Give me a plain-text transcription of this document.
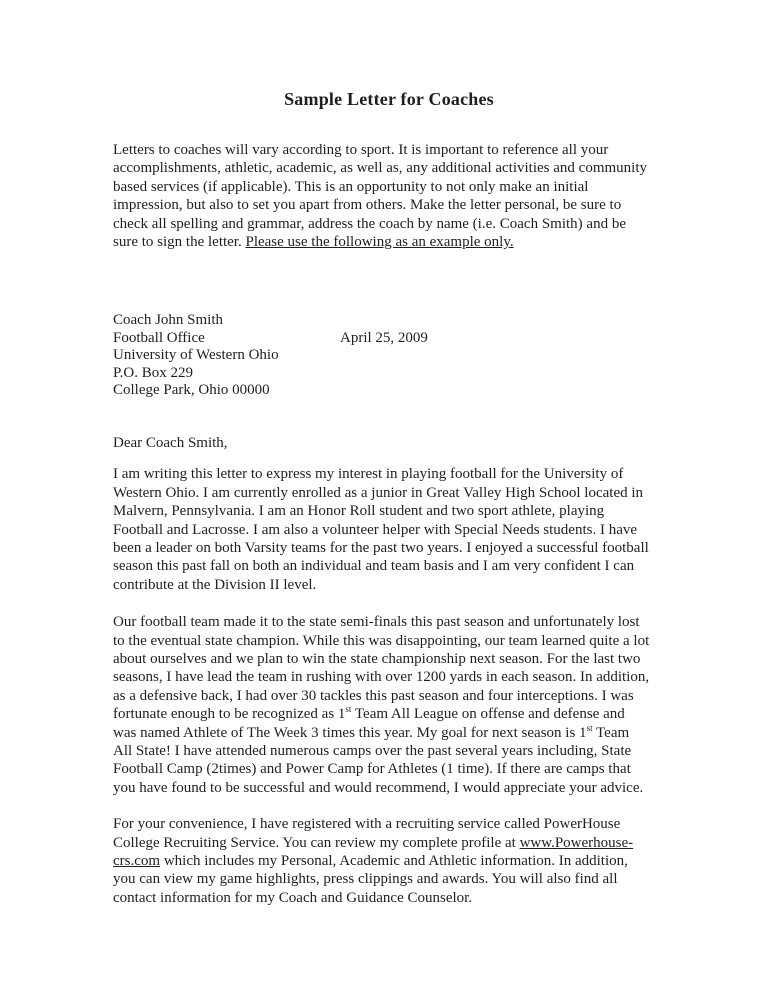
Sample Letter for Coaches
Letters to coaches will vary according to sport. It is important to reference all your
accomplishments, athletic, academic, as well as, any additional activities and community
based services (if applicable). This is an opportunity to not only make an initial
impression, but also to set you apart from others. Make the letter personal, be sure to
check all spelling and grammar, address the coach by name (i.e. Coach Smith) and be
sure to sign the letter. Please use the following as an example only.
Coach John Smith
Football Office
University of Western Ohio
P.O. Box 229
College Park, Ohio 00000
April 25, 2009
Dear Coach Smith,
I am writing this letter to express my interest in playing football for the University of
Western Ohio. I am currently enrolled as a junior in Great Valley High School located in
Malvern, Pennsylvania. I am an Honor Roll student and two sport athlete, playing
Football and Lacrosse. I am also a volunteer helper with Special Needs students. I have
been a leader on both Varsity teams for the past two years. I enjoyed a successful football
season this past fall on both an individual and team basis and I am very confident I can
contribute at the Division II level.
Our football team made it to the state semi-finals this past season and unfortunately lost
to the eventual state champion. While this was disappointing, our team learned quite a lot
about ourselves and we plan to win the state championship next season. For the last two
seasons, I have lead the team in rushing with over 1200 yards in each season. In addition,
as a defensive back, I had over 30 tackles this past season and four interceptions. I was
fortunate enough to be recognized as 1st Team All League on offense and defense and
was named Athlete of The Week 3 times this year. My goal for next season is 1st Team
All State! I have attended numerous camps over the past several years including, State
Football Camp (2times) and Power Camp for Athletes (1 time). If there are camps that
you have found to be successful and would recommend, I would appreciate your advice.
For your convenience, I have registered with a recruiting service called PowerHouse
College Recruiting Service. You can review my complete profile at www.Powerhouse-
crs.com which includes my Personal, Academic and Athletic information. In addition,
you can view my game highlights, press clippings and awards. You will also find all
contact information for my Coach and Guidance Counselor.
